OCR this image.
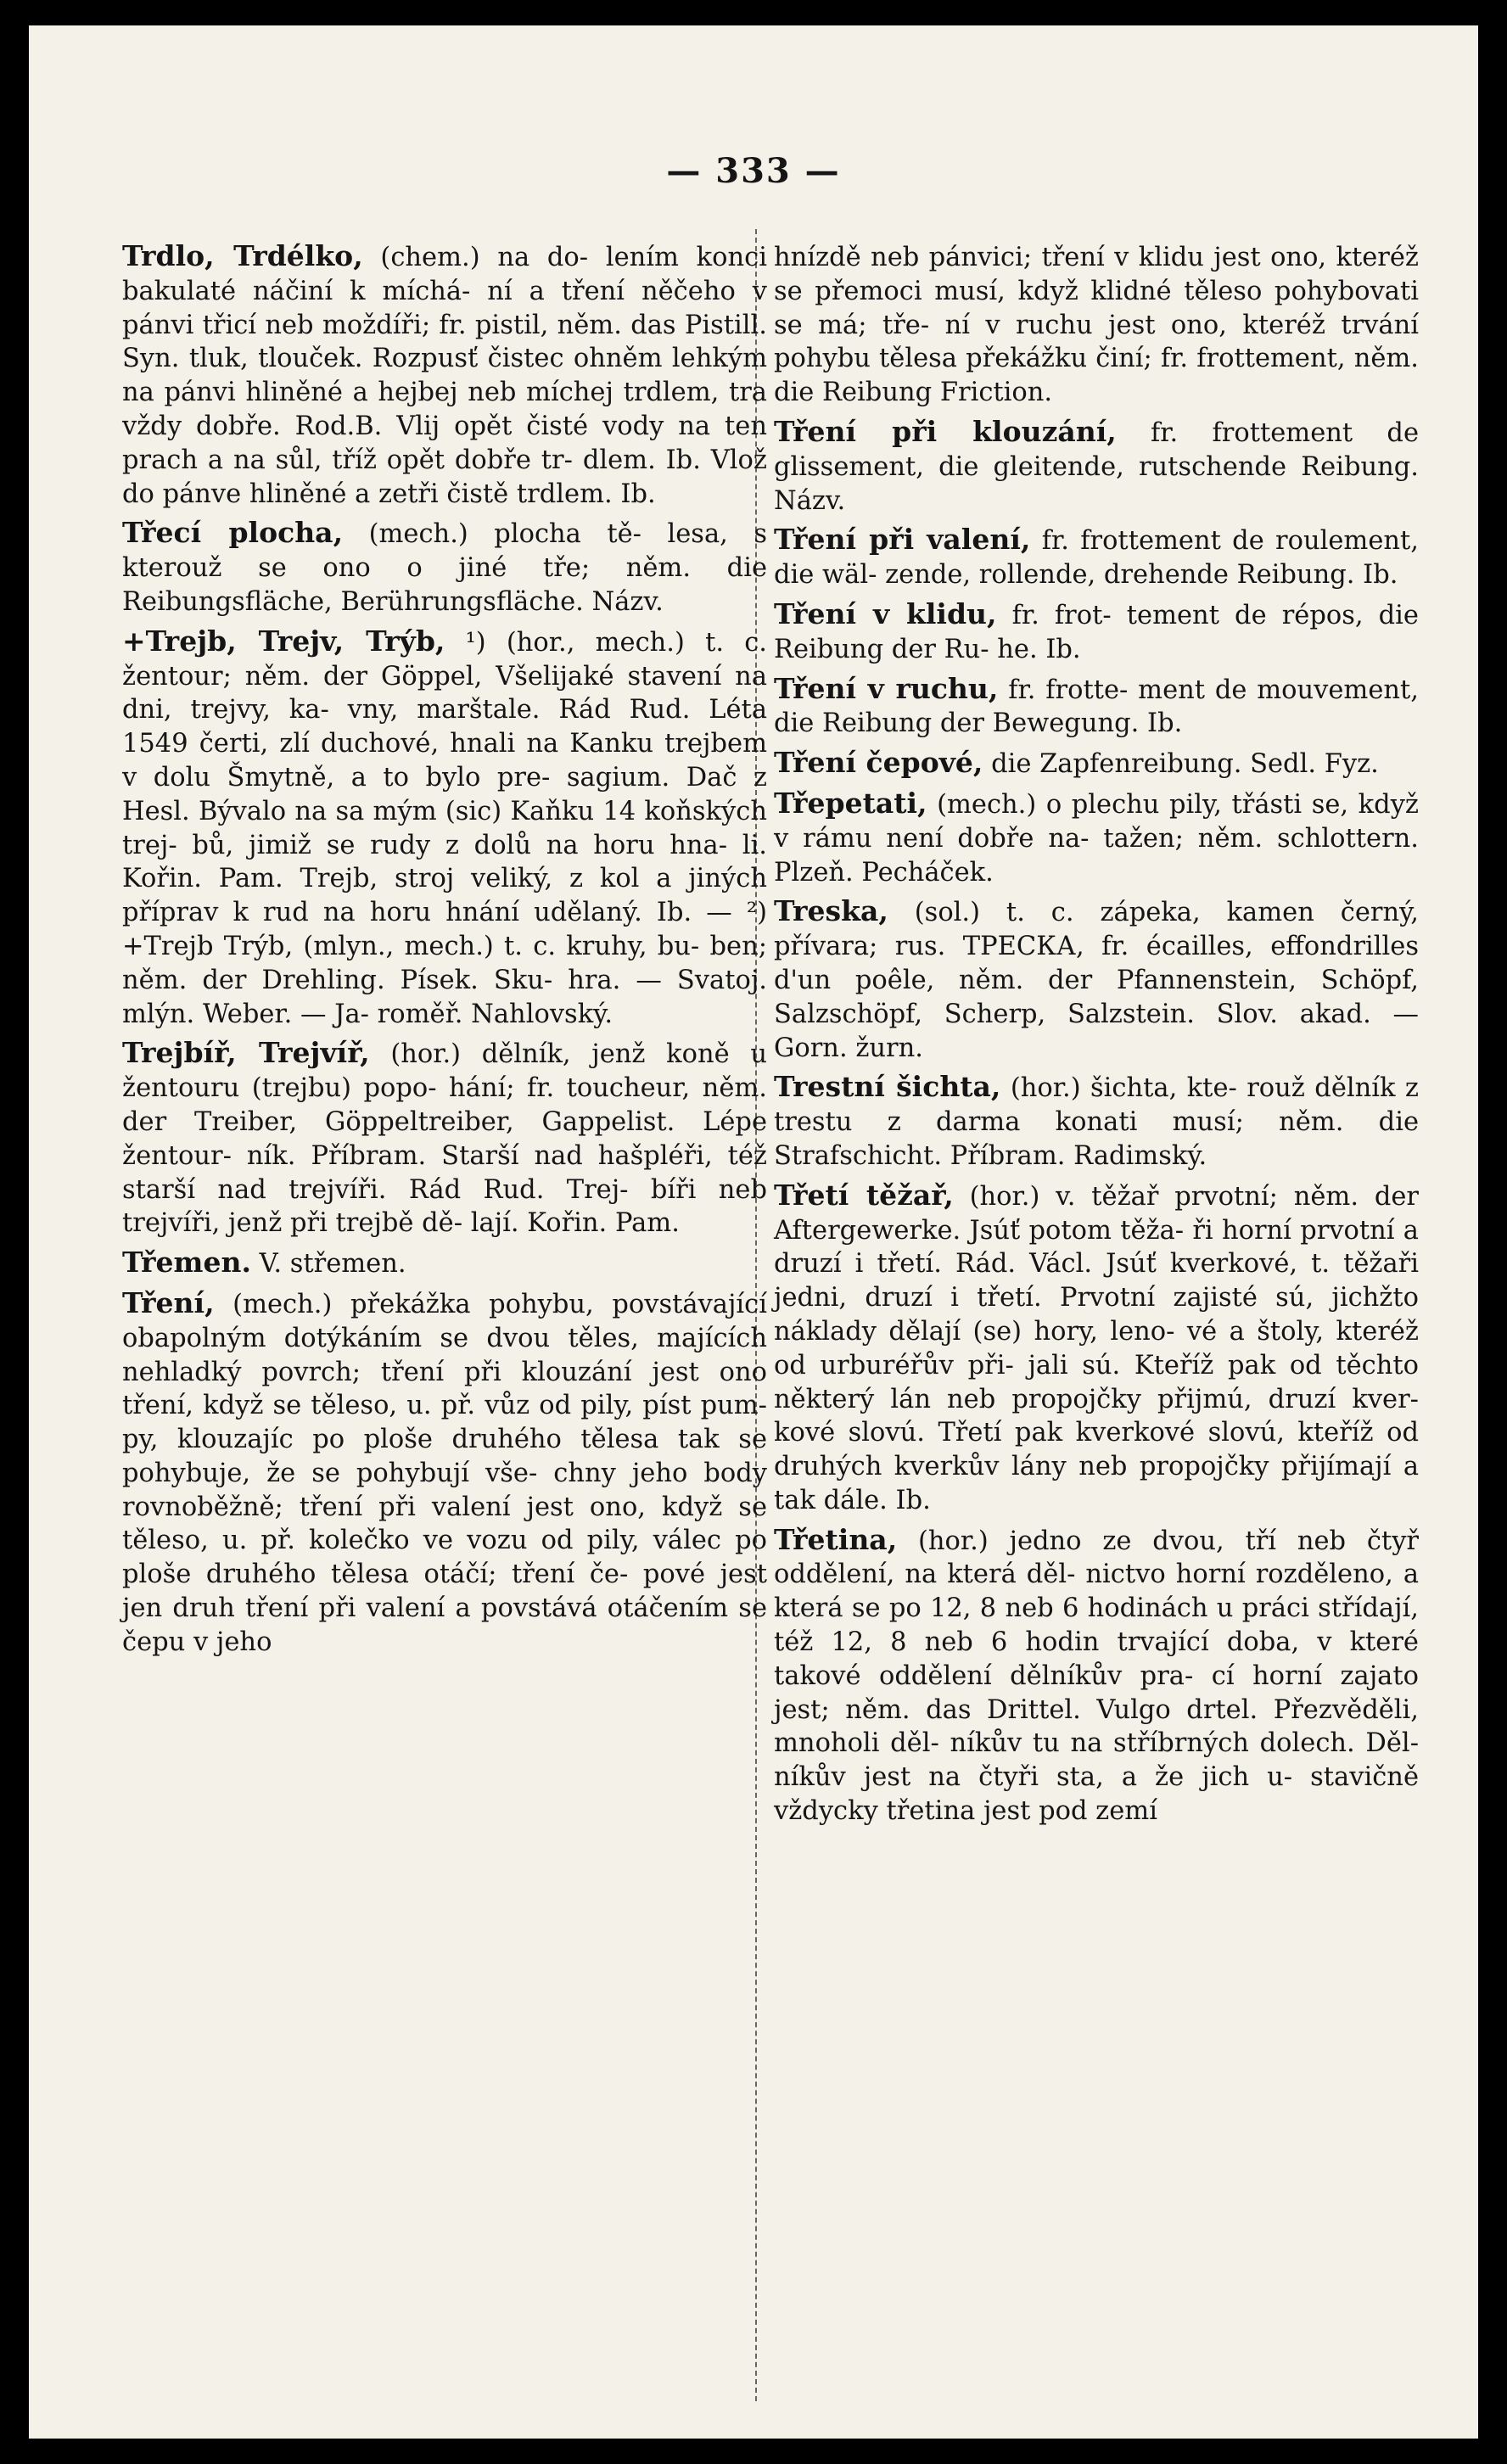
— 333 —

Trdlo, Trdélko, (chem.) na do- lením konci bakulaté náčiní k míchá- ní a tření něčeho v pánvi třicí neb moždíři; fr. pistil, něm. das Pistill. Syn. tluk, tlouček. Rozpusť čistec ohněm lehkým na pánvi hliněné a hejbej neb míchej trdlem, tra vždy dobře. Rod.B. Vlij opět čisté vody na ten prach a na sůl, tříž opět dobře tr- dlem. Ib. Vlož do pánve hliněné a zetři čistě trdlem. Ib.

Třecí plocha, (mech.) plocha tě- lesa, s kterouž se ono o jiné tře; něm. die Reibungsfläche, Berührungsfläche. Názv.

+Trejb, Trejv, Trýb, ¹) (hor., mech.) t. c. žentour; něm. der Göppel, Všelijaké stavení na dni, trejvy, ka- vny, marštale. Rád Rud. Léta 1549 čerti, zlí duchové, hnali na Kanku trejbem v dolu Šmytně, a to bylo pre- sagium. Dač z Hesl. Bývalo na sa mým (sic) Kaňku 14 koňských trej- bů, jimiž se rudy z dolů na horu hna- li. Kořin. Pam. Trejb, stroj veliký, z kol a jiných příprav k rud na horu hnání udělaný. Ib. — ²) +Trejb Trýb, (mlyn., mech.) t. c. kruhy, bu- ben; něm. der Drehling. Písek. Sku- hra. — Svatoj. mlýn. Weber. — Ja- roměř. Nahlovský.

Trejbíř, Trejvíř, (hor.) dělník, jenž koně u žentouru (trejbu) popo- hání; fr. toucheur, něm. der Treiber, Göppeltreiber, Gappelist. Lépe žentour- ník. Příbram. Starší nad hašpléři, též starší nad trejvíři. Rád Rud. Trej- bíři neb trejvíři, jenž při trejbě dě- lají. Kořin. Pam.

Třemen. V. střemen.

Tření, (mech.) překážka pohybu, povstávající obapolným dotýkáním se dvou těles, majících nehladký povrch; tření při klouzání jest ono tření, když se těleso, u. př. vůz od pily, píst pum- py, klouzajíc po ploše druhého tělesa tak se pohybuje, že se pohybují vše- chny jeho body rovnoběžně; tření při valení jest ono, když se těleso, u. př. kolečko ve vozu od pily, válec po ploše druhého tělesa otáčí; tření če- pové jest jen druh tření při valení a povstává otáčením se čepu v jeho

hnízdě neb pánvici; tření v klidu jest ono, kteréž se přemoci musí, když klidné těleso pohybovati se má; tře- ní v ruchu jest ono, kteréž trvání pohybu tělesa překážku činí; fr. frottement, něm. die Reibung Friction.

Tření při klouzání, fr. frottement de glissement, die gleitende, rutschende Reibung. Názv.

Tření při valení, fr. frottement de roulement, die wäl- zende, rollende, drehende Reibung. Ib.

Tření v klidu, fr. frot- tement de répos, die Reibung der Ru- he. Ib.

Tření v ruchu, fr. frotte- ment de mouvement, die Reibung der Bewegung. Ib.

Tření čepové, die Zapfenreibung. Sedl. Fyz.

Třepetati, (mech.) o plechu pily, třásti se, když v rámu není dobře na- tažen; něm. schlottern. Plzeň. Pecháček.

Treska, (sol.) t. c. zápeka, kamen černý, přívara; rus. ТРЕСКА, fr. écailles, effondrilles d'un poêle, něm. der Pfannenstein, Schöpf, Salzschöpf, Scherp, Salzstein. Slov. akad. — Gorn. žurn.

Trestní šichta, (hor.) šichta, kte- rouž dělník z trestu z darma konati musí; něm. die Strafschicht. Příbram. Radimský.

Třetí těžař, (hor.) v. těžař prvotní; něm. der Aftergewerke. Jsúť potom těža- ři horní prvotní a druzí i třetí. Rád. Václ. Jsúť kverkové, t. těžaři jedni, druzí i třetí. Prvotní zajisté sú, jichžto náklady dělají (se) hory, leno- vé a štoly, kteréž od urburéřův při- jali sú. Kteříž pak od těchto některý lán neb propojčky přijmú, druzí kver- kové slovú. Třetí pak kverkové slovú, kteříž od druhých kverkův lány neb propojčky přijímají a tak dále. Ib.

Třetina, (hor.) jedno ze dvou, tří neb čtyř oddělení, na která děl- nictvo horní rozděleno, a která se po 12, 8 neb 6 hodinách u práci střídají, též 12, 8 neb 6 hodin trvající doba, v které takové oddělení dělníkův pra- cí horní zajato jest; něm. das Drittel. Vulgo drtel. Přezvěděli, mnoholi děl- níkův tu na stříbrných dolech. Děl- níkův jest na čtyři sta, a že jich u- stavičně vždycky třetina jest pod zemí
